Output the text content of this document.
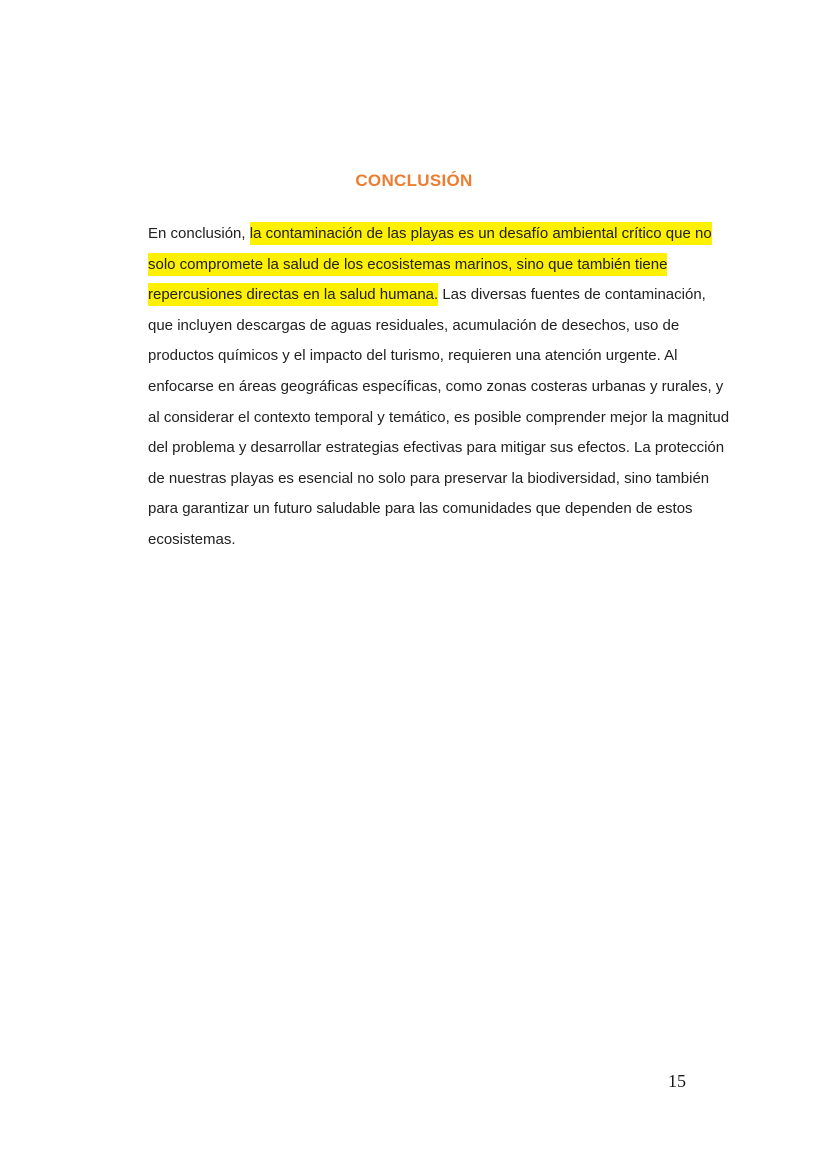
CONCLUSIÓN

En conclusión, la contaminación de las playas es un desafío ambiental crítico que no solo compromete la salud de los ecosistemas marinos, sino que también tiene repercusiones directas en la salud humana. Las diversas fuentes de contaminación, que incluyen descargas de aguas residuales, acumulación de desechos, uso de productos químicos y el impacto del turismo, requieren una atención urgente. Al enfocarse en áreas geográficas específicas, como zonas costeras urbanas y rurales, y al considerar el contexto temporal y temático, es posible comprender mejor la magnitud del problema y desarrollar estrategias efectivas para mitigar sus efectos. La protección de nuestras playas es esencial no solo para preservar la biodiversidad, sino también para garantizar un futuro saludable para las comunidades que dependen de estos ecosistemas.

15
